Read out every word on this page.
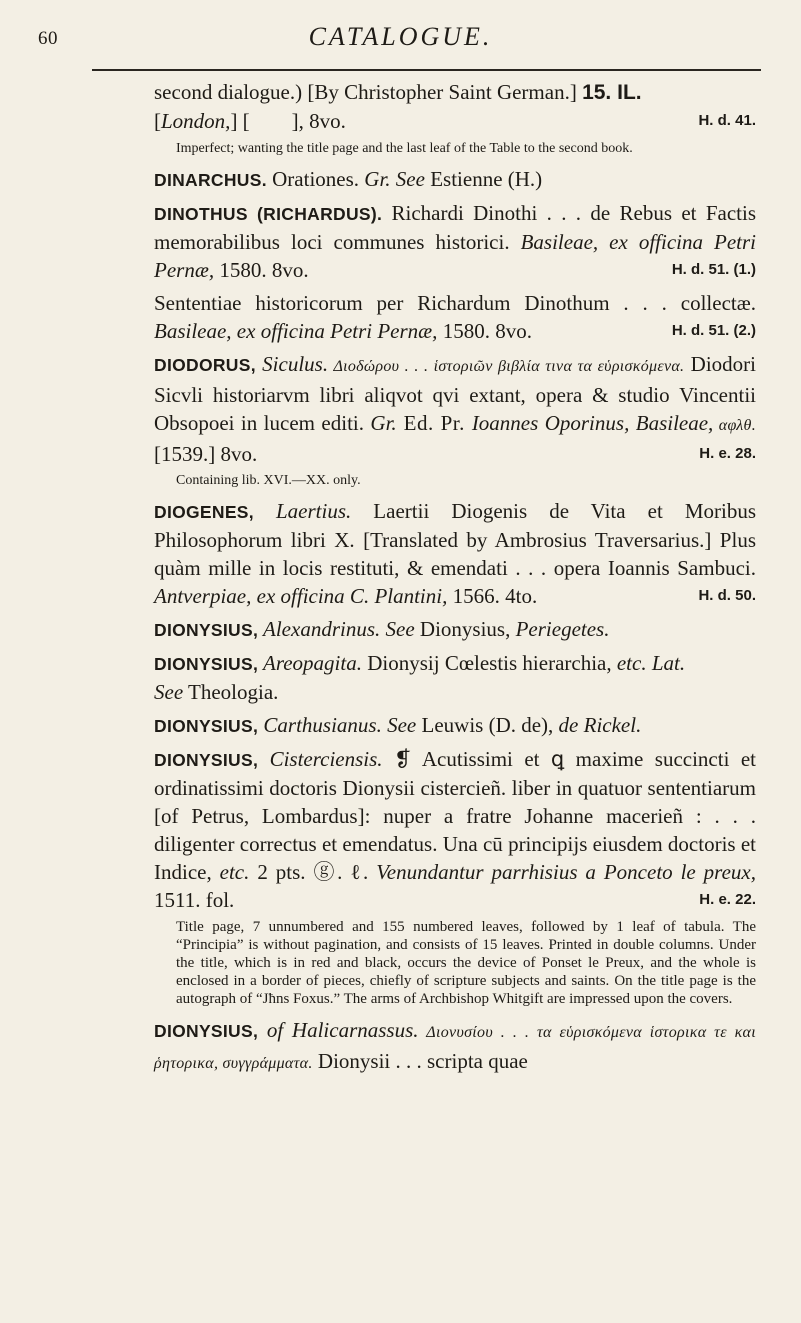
60	CATALOGUE.

second dialogue.) [By Christopher Saint German.] 15. IL.
[London,] [        ], 8vo.	H. d. 41.

Imperfect; wanting the title page and the last leaf of the Table to the second book.

DINARCHUS. Orationes. Gr. See Estienne (H.)

DINOTHUS (RICHARDUS). Richardi Dinothi . . . de Rebus et Factis memorabilibus loci communes historici. Basileae, ex officina Petri Pernæ, 1580. 8vo.	H. d. 51. (1.)

Sententiae historicorum per Richardum Dinothum . . . collectæ. Basileae, ex officina Petri Pernæ, 1580. 8vo.	H. d. 51. (2.)

DIODORUS, Siculus. Διοδώρου . . . ἱστοριῶν βιβλία τινα τα εὑρισκόμενα. Diodori Sicvli historiarvm libri aliqvot qvi extant, opera & studio Vincentii Obsopoei in lucem editi. Gr. Ed. Pr. Ioannes Oporinus, Basileae, αφλθ. [1539.] 8vo.	H. e. 28.

Containing lib. XVI.—XX. only.

DIOGENES, Laertius. Laertii Diogenis de Vita et Moribus Philosophorum libri X. [Translated by Ambrosius Traversarius.] Plus quàm mille in locis restituti, & emendati . . . opera Ioannis Sambuci. Antverpiae, ex officina C. Plantini, 1566. 4to.	H. d. 50.

DIONYSIUS, Alexandrinus. See Dionysius, Periegetes.

DIONYSIUS, Areopagita. Dionysij Cœlestis hierarchia, etc. Lat.
See Theologia.

DIONYSIUS, Carthusianus. See Leuwis (D. de), de Rickel.

DIONYSIUS, Cisterciensis. ❡ Acutissimi et ꝗ maxime succincti et ordinatissimi doctoris Dionysii cistercieñ. liber in quatuor sententiarum [of Petrus, Lombardus]: nuper a fratre Johanne macerieñ : . . . diligenter correctus et emendatus. Una cū principijs eiusdem doctoris et Indice, etc. 2 pts. ⓖ. ℓ. Venundantur parrhisius a Ponceto le preux, 1511. fol.	H. e. 22.

Title page, 7 unnumbered and 155 numbered leaves, followed by 1 leaf of tabula. The “Principia” is without pagination, and consists of 15 leaves. Printed in double columns. Under the title, which is in red and black, occurs the device of Ponset le Preux, and the whole is enclosed in a border of pieces, chiefly of scripture subjects and saints. On the title page is the autograph of “Jħns Foxus.” The arms of Archbishop Whitgift are impressed upon the covers.

DIONYSIUS, of Halicarnassus. Διονυσίου . . . τα εὑρισκόμενα ἱστορικα τε και ῥητορικα, συγγράμματα. Dionysii . . . scripta quae
